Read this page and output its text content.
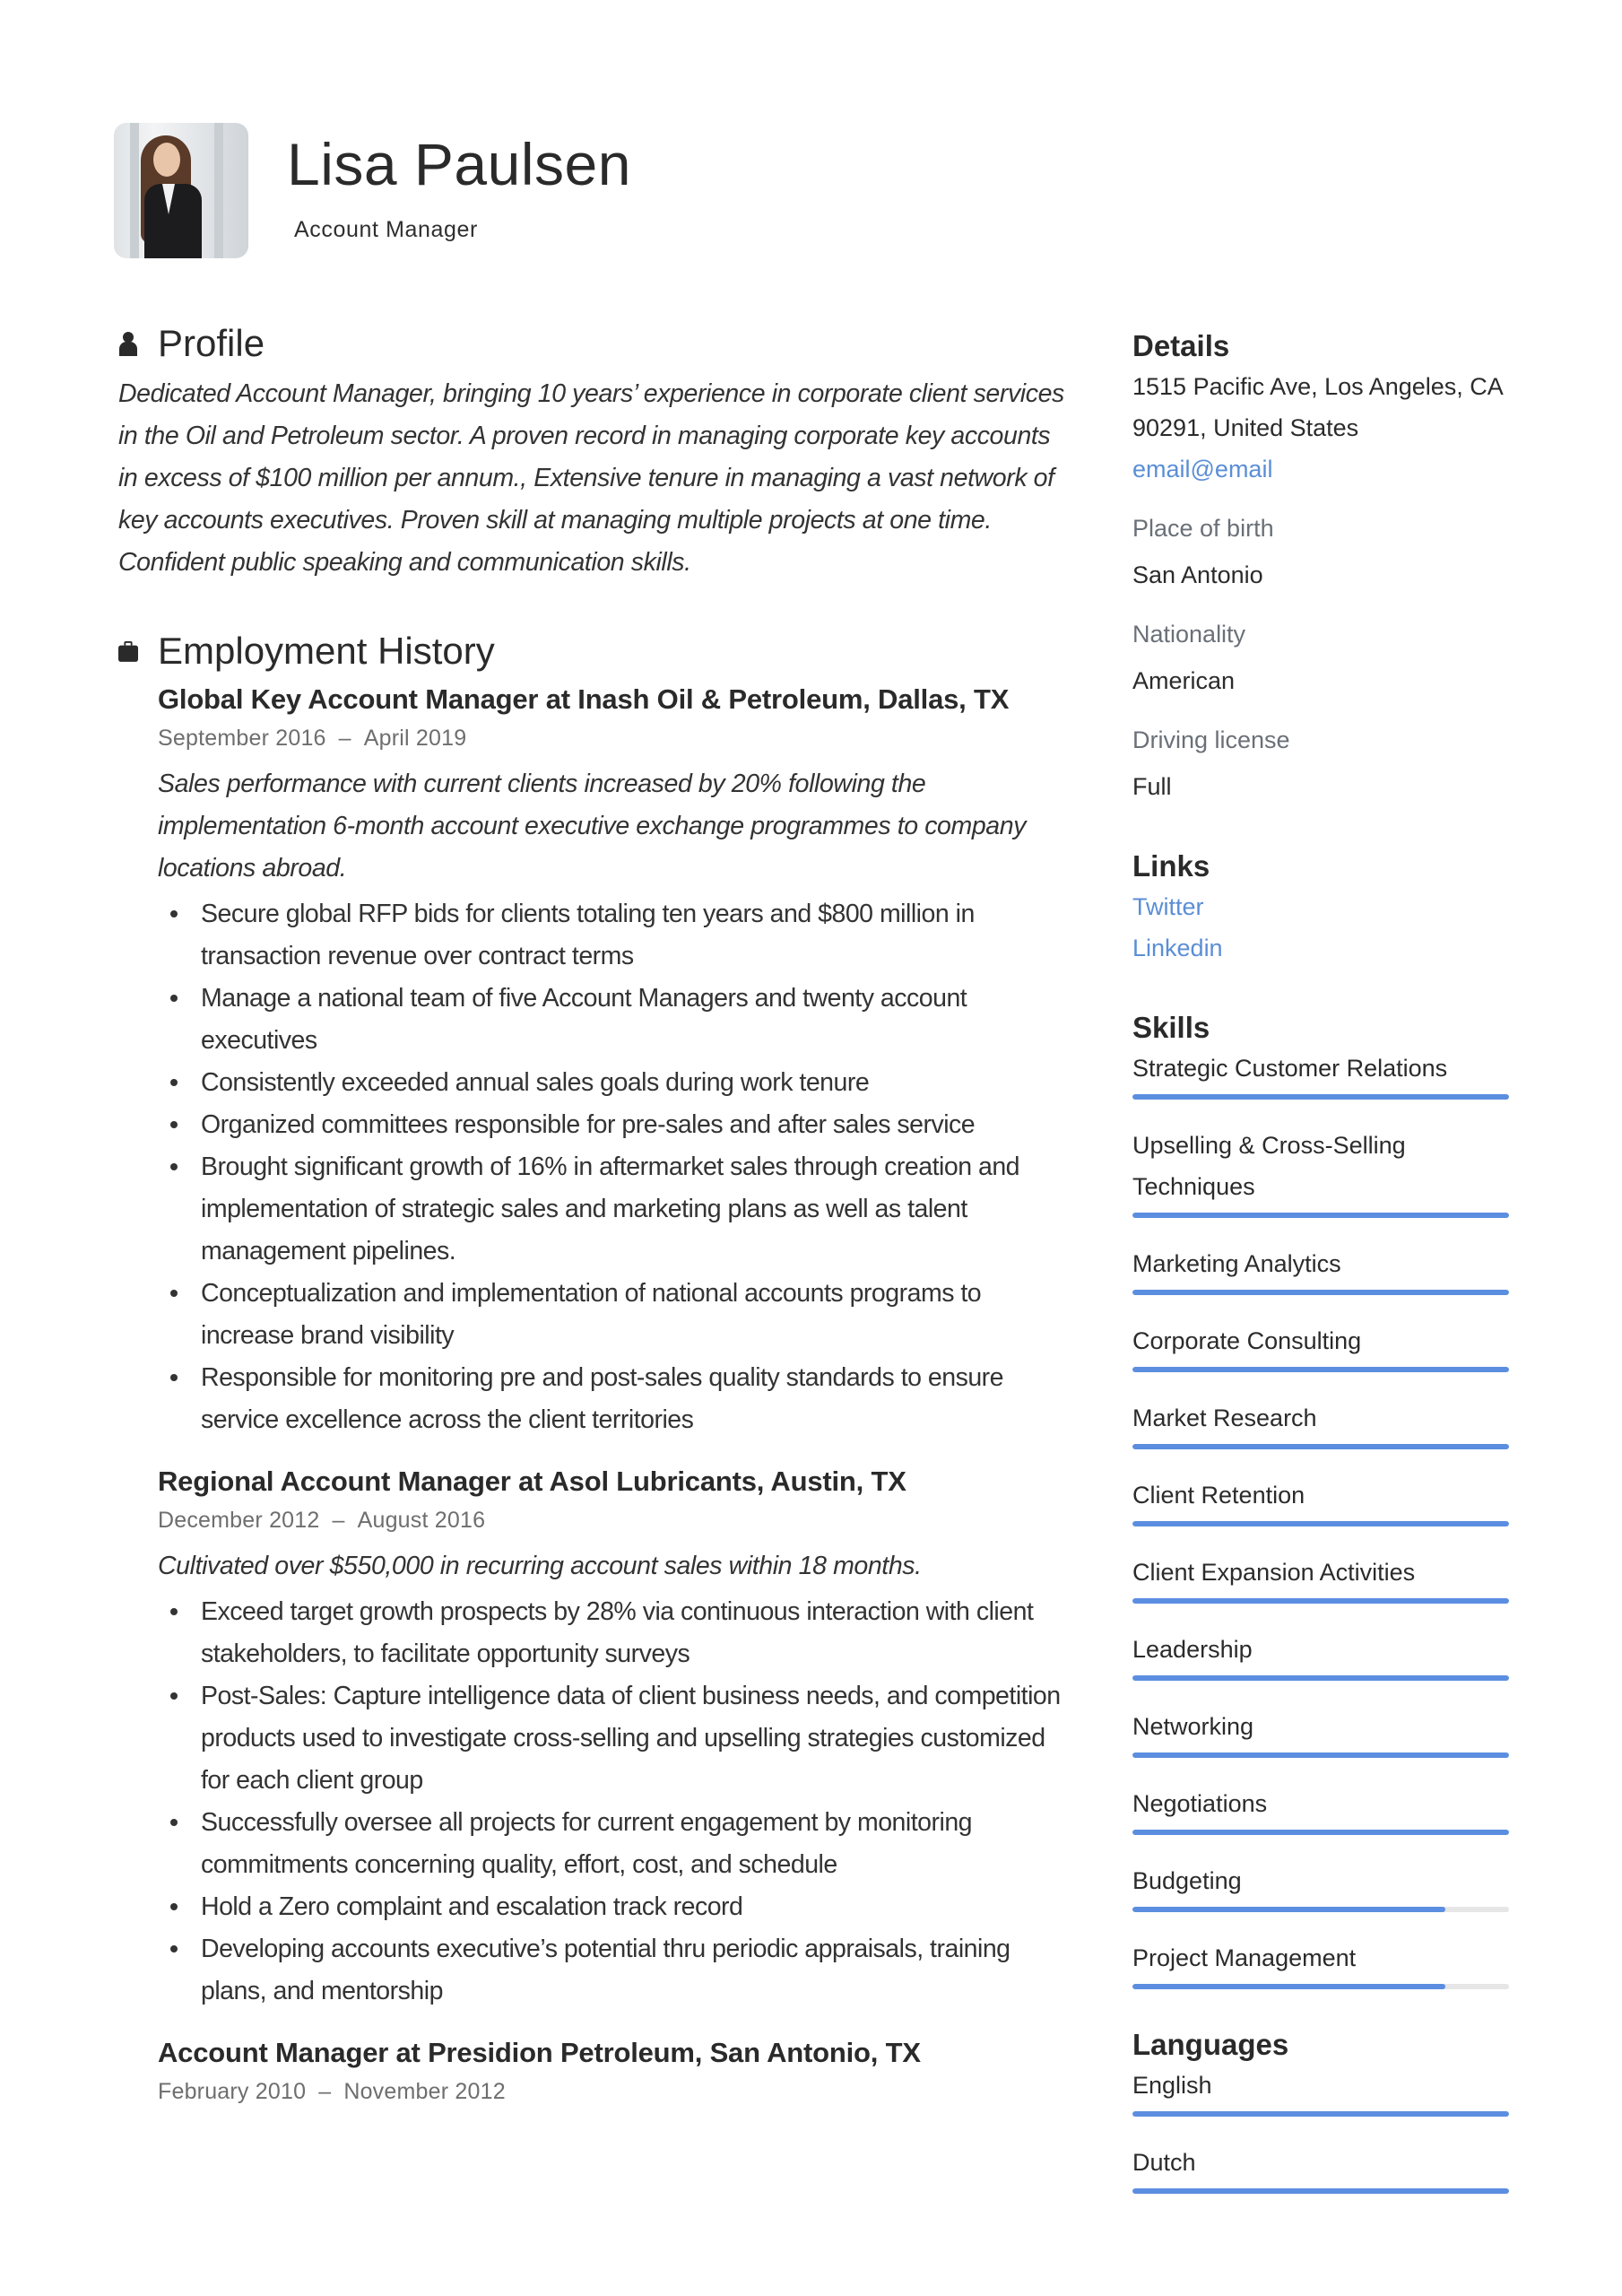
Lisa Paulsen
Account Manager
Profile

Dedicated Account Manager, bringing 10 years’ experience in corporate client services in the Oil and Petroleum sector. A proven record in managing corporate key accounts in excess of $100 million per annum., Extensive tenure in managing a vast network of key accounts executives. Proven skill at managing multiple projects at one time. Confident public speaking and communication skills.

Employment History
Global Key Account Manager at Inash Oil & Petroleum, Dallas, TX
September 2016 – April 2019

Sales performance with current clients increased by 20% following the implementation 6-month account executive exchange programmes to company locations abroad.

Secure global RFP bids for clients totaling ten years and $800 million in transaction revenue over contract terms
Manage a national team of five Account Managers and twenty account executives
Consistently exceeded annual sales goals during work tenure
Organized committees responsible for pre-sales and after sales service
Brought significant growth of 16% in aftermarket sales through creation and implementation of strategic sales and marketing plans as well as talent management pipelines.
Conceptualization and implementation of national accounts programs to increase brand visibility
Responsible for monitoring pre and post-sales quality standards to ensure service excellence across the client territories
Regional Account Manager at Asol Lubricants, Austin, TX
December 2012 – August 2016

Cultivated over $550,000 in recurring account sales within 18 months.

Exceed target growth prospects by 28% via continuous interaction with client stakeholders, to facilitate opportunity surveys
Post-Sales: Capture intelligence data of client business needs, and competition products used to investigate cross-selling and upselling strategies customized for each client group
Successfully oversee all projects for current engagement by monitoring commitments concerning quality, effort, cost, and schedule
Hold a Zero complaint and escalation track record
Developing accounts executive’s potential thru periodic appraisals, training plans, and mentorship
Account Manager at Presidion Petroleum, San Antonio, TX
February 2010 – November 2012
Details
1515 Pacific Ave, Los Angeles, CA
90291, United States
email@email
Place of birth
San Antonio
Nationality
American
Driving license
Full
Links
Twitter
Linkedin
Skills
Strategic Customer Relations
Upselling & Cross-Selling Techniques
Marketing Analytics
Corporate Consulting
Market Research
Client Retention
Client Expansion Activities
Leadership
Networking
Negotiations
Budgeting
Project Management
Languages
English
Dutch
